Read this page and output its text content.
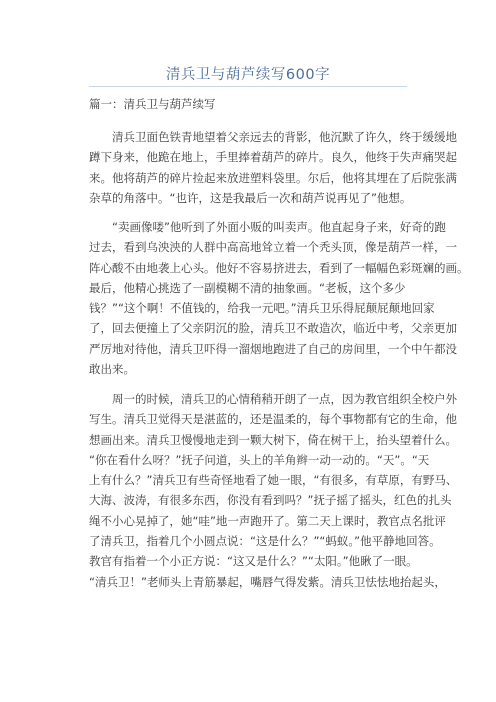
清兵卫与葫芦续写600字
篇一：清兵卫与葫芦续写
清兵卫面色铁青地望着父亲远去的背影，他沉默了许久，终于缓缓地
蹲下身来，他跪在地上，手里捧着葫芦的碎片。良久，他终于失声痛哭起
来。他将葫芦的碎片捡起来放进塑料袋里。尔后，他将其埋在了后院张满
杂草的角落中。“也许，这是我最后一次和葫芦说再见了”他想。
“卖画像喽”他听到了外面小贩的叫卖声。他直起身子来，好奇的跑
过去，看到乌泱泱的人群中高高地耸立着一个秃头顶，像是葫芦一样，一
阵心酸不由地袭上心头。他好不容易挤进去，看到了一幅幅色彩斑斓的画。
最后，他精心挑选了一副模糊不清的抽象画。“老板，这个多少
钱？”“这个啊！不值钱的，给我一元吧。”清兵卫乐得屁颠屁颠地回家
了，回去便撞上了父亲阴沉的脸，清兵卫不敢造次，临近中考，父亲更加
严厉地对待他，清兵卫吓得一溜烟地跑进了自己的房间里，一个中午都没
敢出来。
周一的时候，清兵卫的心情稍稍开朗了一点，因为教官组织全校户外
写生。清兵卫觉得天是湛蓝的，还是温柔的，每个事物都有它的生命，他
想画出来。清兵卫慢慢地走到一颗大树下，倚在树干上，抬头望着什么。
“你在看什么呀？”抚子问道，头上的羊角辫一动一动的。“天”。“天
上有什么？”清兵卫有些奇怪地看了她一眼，“有很多，有草原，有野马、
大海、波涛，有很多东西，你没有看到吗？”抚子摇了摇头，红色的扎头
绳不小心晃掉了，她“哇”地一声跑开了。第二天上课时，教官点名批评
了清兵卫，指着几个小圆点说：“这是什么？”“蚂蚁。”他平静地回答。
教官有指着一个小正方说：“这又是什么？”“太阳。”他瞅了一眼。
“清兵卫！”老师头上青筋暴起，嘴唇气得发紫。清兵卫怯怯地抬起头，
